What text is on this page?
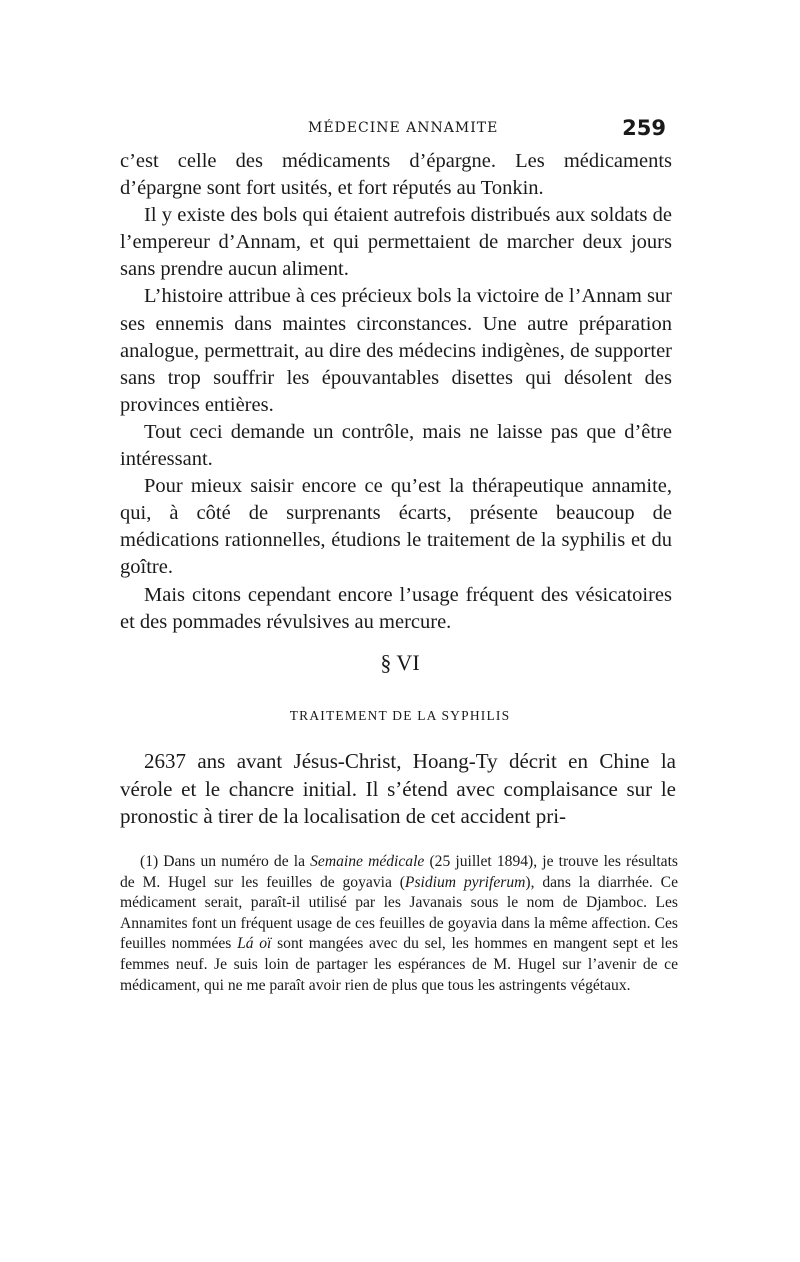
MÉDECINE ANNAMITE	259

c’est celle des médicaments d’épargne. Les médicaments d’épargne sont fort usités, et fort réputés au Tonkin.

Il y existe des bols qui étaient autrefois distribués aux soldats de l’empereur d’Annam, et qui permettaient de marcher deux jours sans prendre aucun aliment.

L’histoire attribue à ces précieux bols la victoire de l’Annam sur ses ennemis dans maintes circonstances. Une autre préparation analogue, permettrait, au dire des médecins indigènes, de supporter sans trop souffrir les épouvantables disettes qui désolent des provinces entières.

Tout ceci demande un contrôle, mais ne laisse pas que d’être intéressant.

Pour mieux saisir encore ce qu’est la thérapeutique annamite, qui, à côté de surprenants écarts, présente beaucoup de médications rationnelles, étudions le traitement de la syphilis et du goître.

Mais citons cependant encore l’usage fréquent des vésicatoires et des pommades révulsives au mercure.

§ VI
TRAITEMENT DE LA SYPHILIS

2637 ans avant Jésus-Christ, Hoang-Ty décrit en Chine la vérole et le chancre initial. Il s’étend avec complaisance sur le pronostic à tirer de la localisation de cet accident pri-

(1) Dans un numéro de la Semaine médicale (25 juillet 1894), je trouve les résultats de M. Hugel sur les feuilles de goyavia (Psidium pyriferum), dans la diarrhée. Ce médicament serait, paraît-il utilisé par les Javanais sous le nom de Djamboc. Les Annamites font un fréquent usage de ces feuilles de goyavia dans la même affection. Ces feuilles nommées Lá oï sont mangées avec du sel, les hommes en mangent sept et les femmes neuf. Je suis loin de partager les espérances de M. Hugel sur l’avenir de ce médicament, qui ne me paraît avoir rien de plus que tous les astringents végétaux.
